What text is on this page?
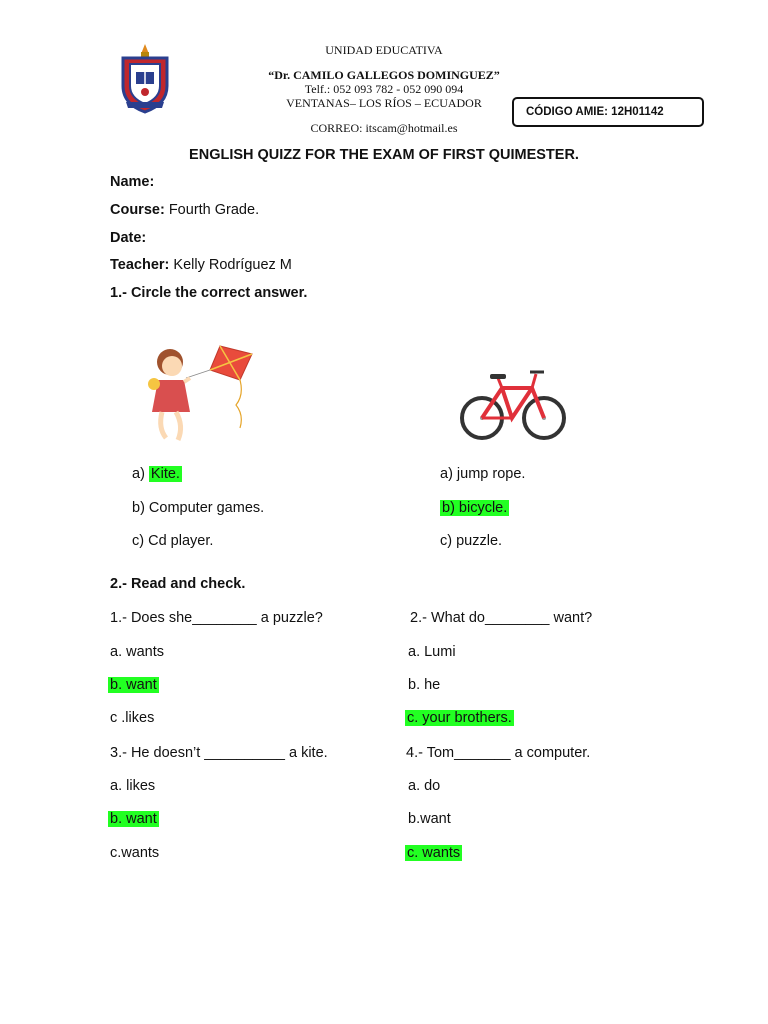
UNIDAD EDUCATIVA
“Dr. CAMILO GALLEGOS DOMINGUEZ”
Telf.: 052 093 782 - 052 090 094
VENTANAS– LOS RÍOS – ECUADOR
CORREO: itscam@hotmail.es
CÓDIGO AMIE: 12H01142
ENGLISH QUIZZ FOR THE EXAM OF FIRST QUIMESTER.
Name:
Course: Fourth Grade.
Date:
Teacher: Kelly Rodríguez M
1.- Circle the correct answer.
a) Kite.
b) Computer games.
c) Cd player.
a) jump rope.
b) bicycle.
c) puzzle.
2.- Read and check.
1.- Does she________ a puzzle?	2.- What do________ want?
a. wants	a. Lumi
b. want	b. he
c .likes	c. your brothers.
3.- He doesn’t __________ a kite.	4.- Tom_______ a computer.
a. likes	a. do
b. want	b.want
c.wants	c. wants
